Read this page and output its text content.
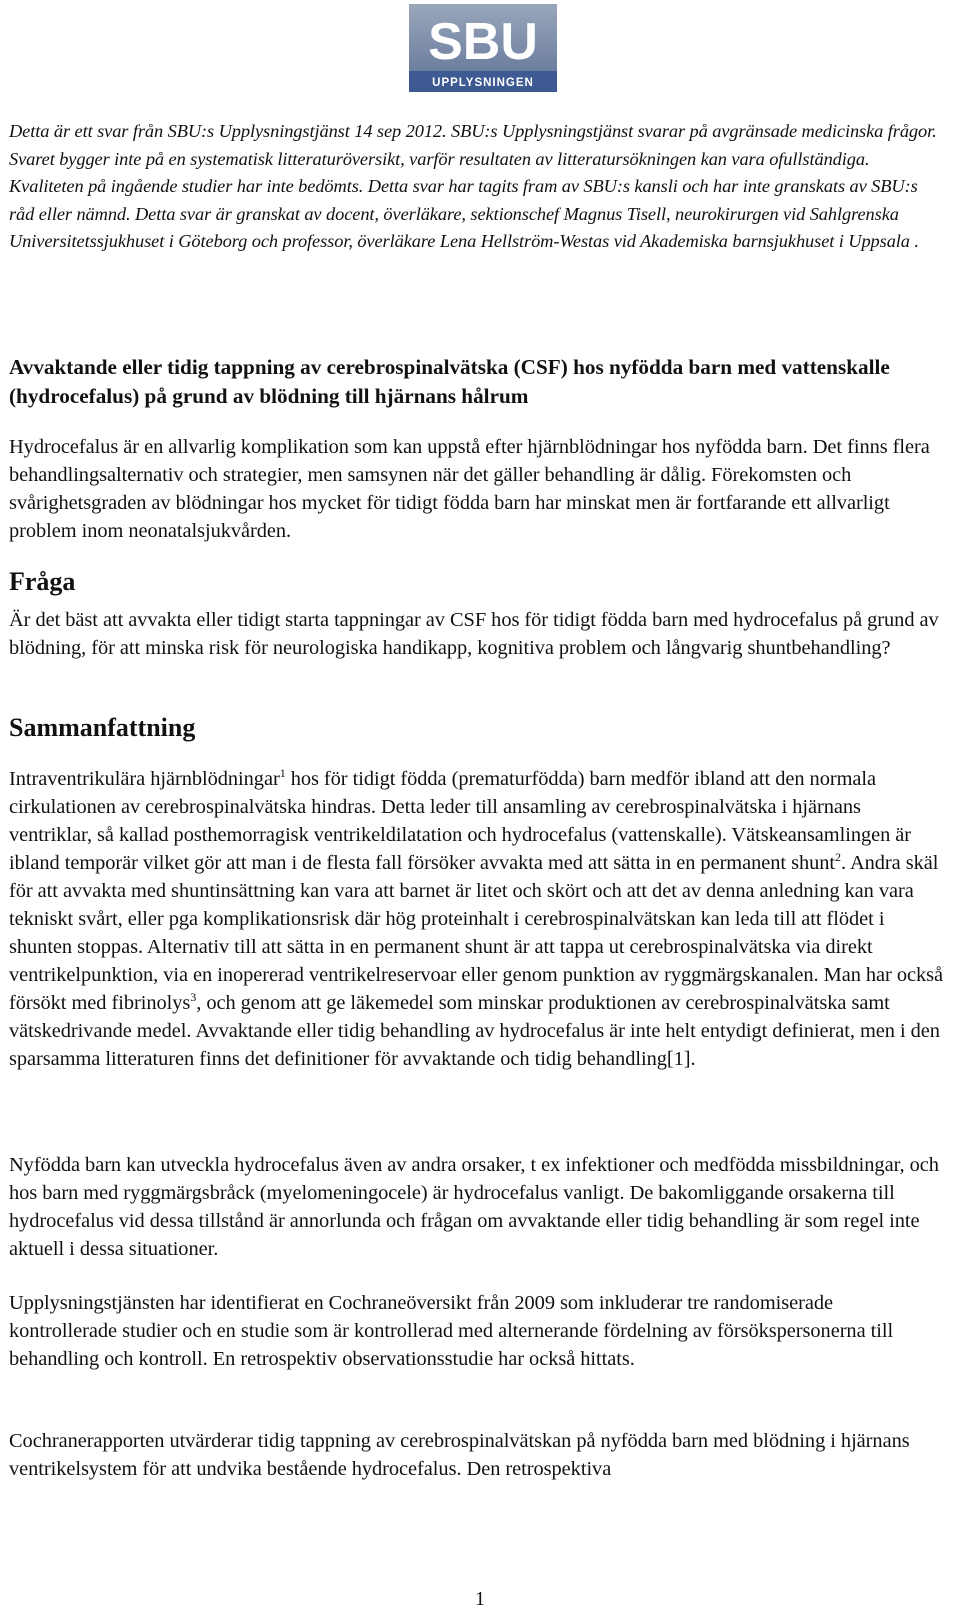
SBU
UPPLYSNINGEN

Detta är ett svar från SBU:s Upplysningstjänst 14 sep 2012. SBU:s Upplysningstjänst svarar på avgränsade medicinska frågor. Svaret bygger inte på en systematisk litteraturöversikt, varför resultaten av litteratursökningen kan vara ofullständiga. Kvaliteten på ingående studier har inte bedömts. Detta svar har tagits fram av SBU:s kansli och har inte granskats av SBU:s råd eller nämnd. Detta svar är granskat av docent, överläkare, sektionschef Magnus Tisell, neurokirurgen vid Sahlgrenska Universitetssjukhuset i Göteborg och professor, överläkare Lena Hellström-Westas vid Akademiska barnsjukhuset i Uppsala .

Avvaktande eller tidig tappning av cerebrospinalvätska (CSF) hos nyfödda barn med vattenskalle (hydrocefalus) på grund av blödning till hjärnans hålrum

Hydrocefalus är en allvarlig komplikation som kan uppstå efter hjärnblödningar hos nyfödda barn. Det finns flera behandlingsalternativ och strategier, men samsynen när det gäller behandling är dålig. Förekomsten och svårighetsgraden av blödningar hos mycket för tidigt födda barn har minskat men är fortfarande ett allvarligt problem inom neonatalsjukvården.

Fråga

Är det bäst att avvakta eller tidigt starta tappningar av CSF hos för tidigt födda barn med hydrocefalus på grund av blödning, för att minska risk för neurologiska handikapp, kognitiva problem och långvarig shuntbehandling?

Sammanfattning

Intraventrikulära hjärnblödningar$^1$ hos för tidigt födda (prematurfödda) barn medför ibland att den normala cirkulationen av cerebrospinalvätska hindras. Detta leder till ansamling av cerebrospinalvätska i hjärnans ventriklar, så kallad posthemorragisk ventrikeldilatation och hydrocefalus (vattenskalle). Vätskeansamlingen är ibland temporär vilket gör att man i de flesta fall försöker avvakta med att sätta in en permanent shunt$^2$. Andra skäl för att avvakta med shuntinsättning kan vara att barnet är litet och skört och att det av denna anledning kan vara tekniskt svårt, eller pga komplikationsrisk där hög proteinhalt i cerebrospinalvätskan kan leda till att flödet i shunten stoppas. Alternativ till att sätta in en permanent shunt är att tappa ut cerebrospinalvätska via direkt ventrikelpunktion, via en inopererad ventrikelreservoar eller genom punktion av ryggmärgskanalen. Man har också försökt med fibrinolys$^3$, och genom att ge läkemedel som minskar produktionen av cerebrospinalvätska samt vätskedrivande medel. Avvaktande eller tidig behandling av hydrocefalus är inte helt entydigt definierat, men i den sparsamma litteraturen finns det definitioner för avvaktande och tidig behandling[1].

Nyfödda barn kan utveckla hydrocefalus även av andra orsaker, t ex infektioner och medfödda missbildningar, och hos barn med ryggmärgsbråck (myelomeningocele) är hydrocefalus vanligt. De bakomliggande orsakerna till hydrocefalus vid dessa tillstånd är annorlunda och frågan om avvaktande eller tidig behandling är som regel inte aktuell i dessa situationer.

Upplysningstjänsten har identifierat en Cochraneöversikt från 2009 som inkluderar tre randomiserade kontrollerade studier och en studie som är kontrollerad med alternerande fördelning av försökspersonerna till behandling och kontroll. En retrospektiv observationsstudie har också hittats.

Cochranerapporten utvärderar tidig tappning av cerebrospinalvätskan på nyfödda barn med blödning i hjärnans ventrikelsystem för att undvika bestående hydrocefalus. Den retrospektiva

1
